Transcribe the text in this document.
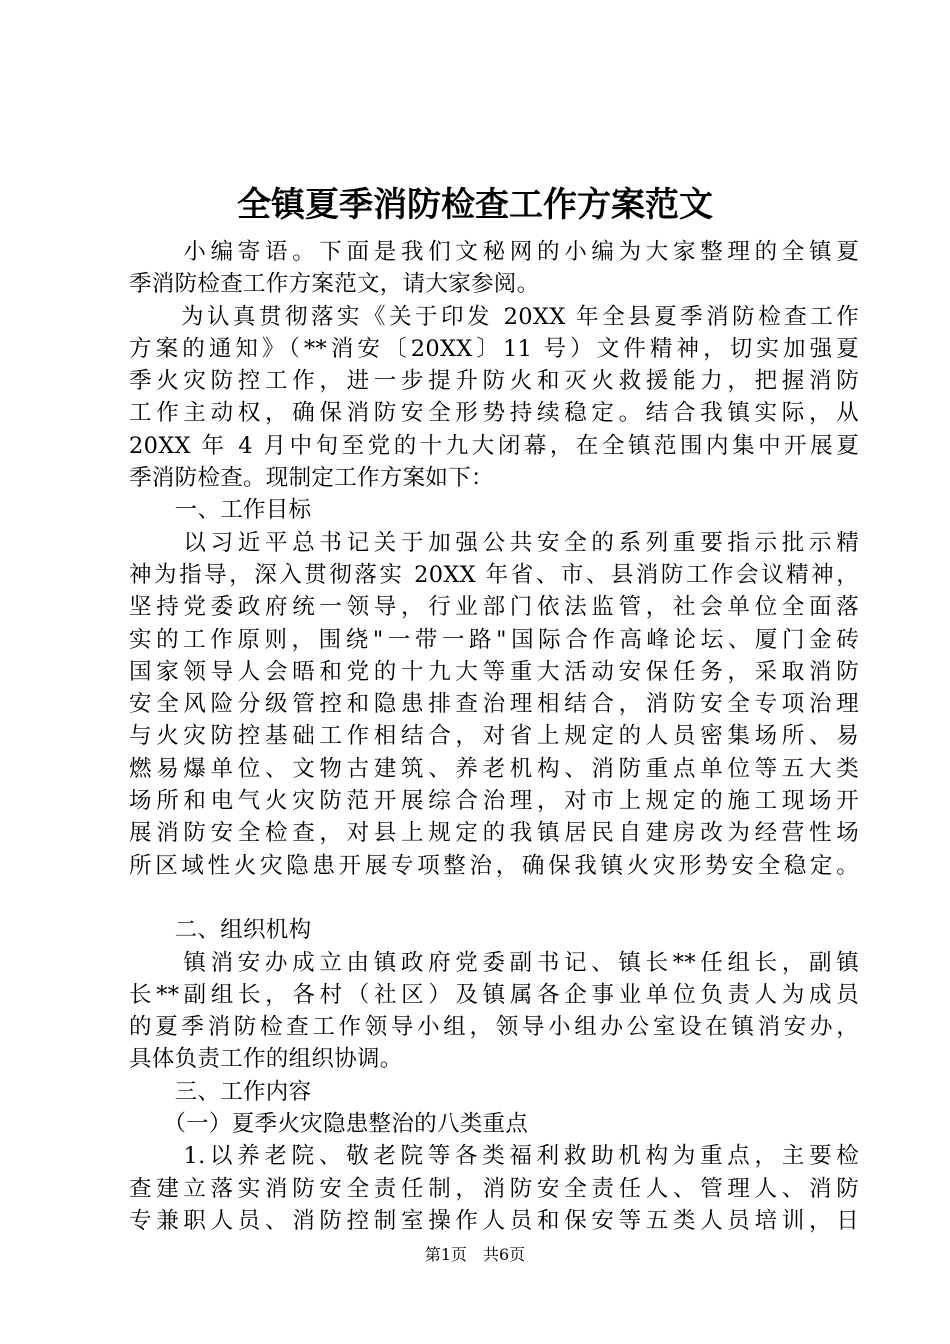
全镇夏季消防检查工作方案范文
　　小编寄语。下面是我们文秘网的小编为大家整理的全镇夏
季消防检查工作方案范文，请大家参阅。
　　为认真贯彻落实《关于印发 20XX 年全县夏季消防检查工作
方案的通知》（**消安〔20XX〕11 号）文件精神，切实加强夏
季火灾防控工作，进一步提升防火和灭火救援能力，把握消防
工作主动权，确保消防安全形势持续稳定。结合我镇实际，从
20XX 年 4 月中旬至党的十九大闭幕，在全镇范围内集中开展夏
季消防检查。现制定工作方案如下：
　　一、工作目标
　　以习近平总书记关于加强公共安全的系列重要指示批示精
神为指导，深入贯彻落实 20XX 年省、市、县消防工作会议精神，
坚持党委政府统一领导，行业部门依法监管，社会单位全面落
实的工作原则，围绕"一带一路"国际合作高峰论坛、厦门金砖
国家领导人会晤和党的十九大等重大活动安保任务，采取消防
安全风险分级管控和隐患排查治理相结合，消防安全专项治理
与火灾防控基础工作相结合，对省上规定的人员密集场所、易
燃易爆单位、文物古建筑、养老机构、消防重点单位等五大类
场所和电气火灾防范开展综合治理，对市上规定的施工现场开
展消防安全检查，对县上规定的我镇居民自建房改为经营性场
所区域性火灾隐患开展专项整治，确保我镇火灾形势安全稳定。
　　二、组织机构
　　镇消安办成立由镇政府党委副书记、镇长**任组长，副镇
长**副组长，各村（社区）及镇属各企事业单位负责人为成员
的夏季消防检查工作领导小组，领导小组办公室设在镇消安办，
具体负责工作的组织协调。
　　三、工作内容
　　（一）夏季火灾隐患整治的八类重点
　　1.以养老院、敬老院等各类福利救助机构为重点，主要检
查建立落实消防安全责任制，消防安全责任人、管理人、消防
专兼职人员、消防控制室操作人员和保安等五类人员培训，日
第1页　共6页
